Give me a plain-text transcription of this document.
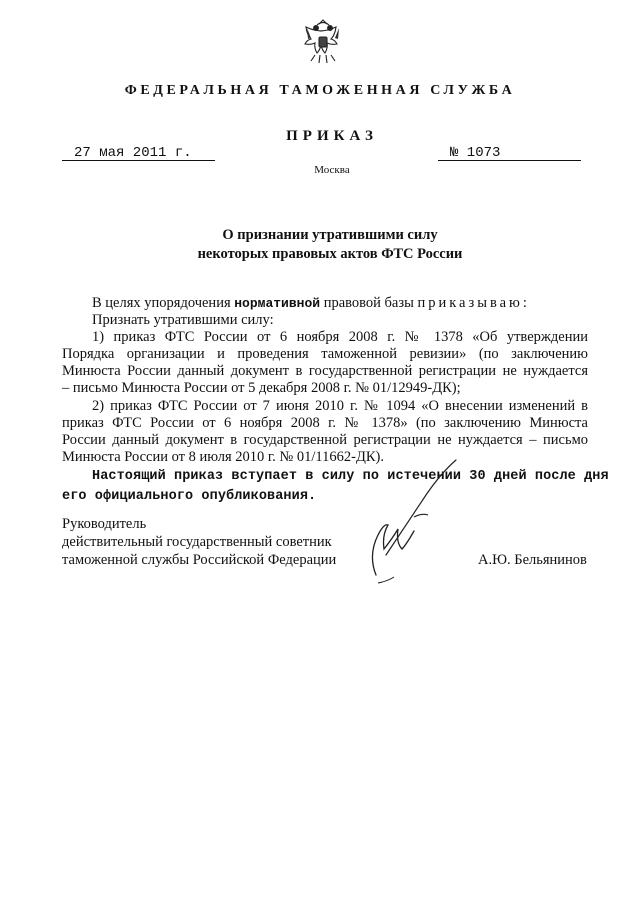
ФЕДЕРАЛЬНАЯ ТАМОЖЕННАЯ СЛУЖБА
ПРИКАЗ
27 мая 2011 г.	№ 1073
Москва
О признании утратившими силу
некоторых правовых актов ФТС России
В целях упорядочения нормативной правовой базы приказываю:
Признать утратившими силу:
1) приказ ФТС России от 6 ноября 2008 г. № 1378 «Об утверждении
Порядка организации и проведения таможенной ревизии» (по заключению
Минюста России данный документ в государственной регистрации не нуждается
– письмо Минюста России от 5 декабря 2008 г. № 01/12949-ДК);
2) приказ ФТС России от 7 июня 2010 г. № 1094 «О внесении изменений в
приказ ФТС России от 6 ноября 2008 г. № 1378» (по заключению Минюста
России данный документ в государственной регистрации не нуждается – письмо
Минюста России от 8 июля 2010 г. № 01/11662-ДК).
Настоящий приказ вступает в силу по истечении 30 дней после дня
его официального опубликования.
Руководитель
действительный государственный советник
таможенной службы Российской Федерации	А.Ю. Бельянинов
